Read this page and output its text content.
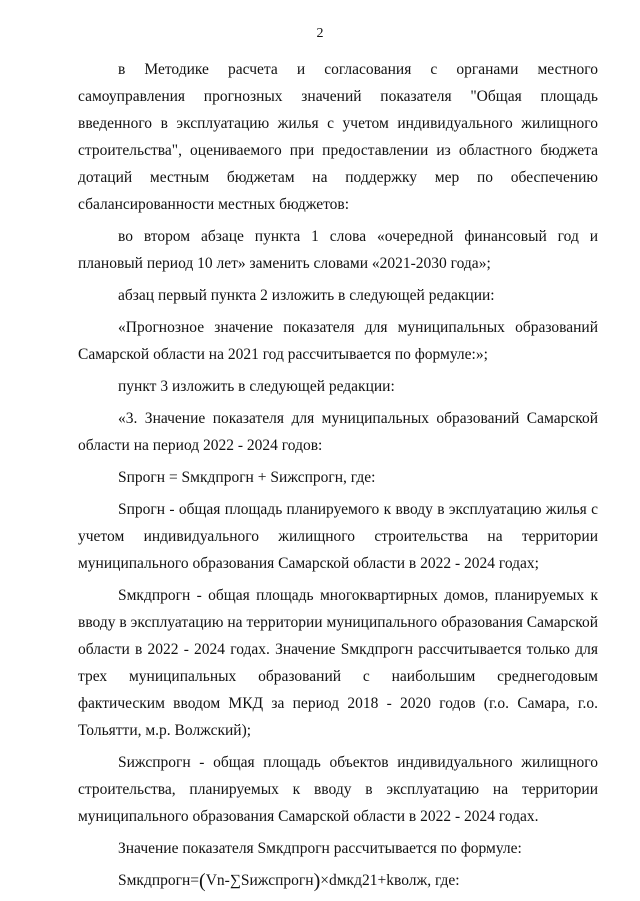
2

в Методике расчета и согласования с органами местного самоуправления прогнозных значений показателя "Общая площадь введенного в эксплуатацию жилья с учетом индивидуального жилищного строительства", оцениваемого при предоставлении из областного бюджета дотаций местным бюджетам на поддержку мер по обеспечению сбалансированности местных бюджетов:

во втором абзаце пункта 1 слова «очередной финансовый год и плановый период 10 лет» заменить словами «2021-2030 года»;

абзац первый пункта 2 изложить в следующей редакции:

«Прогнозное значение показателя для муниципальных образований Самарской области на 2021 год рассчитывается по формуле:»;

пункт 3 изложить в следующей редакции:

«3. Значение показателя для муниципальных образований Самарской области на период 2022 - 2024 годов:

Sпрогн = Sмкдпрогн + Sижспрогн, где:

Sпрогн - общая площадь планируемого к вводу в эксплуатацию жилья с учетом индивидуального жилищного строительства на территории муниципального образования Самарской области в 2022 - 2024 годах;

Sмкдпрогн - общая площадь многоквартирных домов, планируемых к вводу в эксплуатацию на территории муниципального образования Самарской области в 2022 - 2024 годах. Значение Sмкдпрогн рассчитывается только для трех муниципальных образований с наибольшим среднегодовым фактическим вводом МКД за период 2018 - 2020 годов (г.о. Самара, г.о. Тольятти, м.р. Волжский);

Sижспрогн - общая площадь объектов индивидуального жилищного строительства, планируемых к вводу в эксплуатацию на территории муниципального образования Самарской области в 2022 - 2024 годах.

Значение показателя Sмкдпрогн рассчитывается по формуле:

Sмкдпрогн=(Vn-∑Sижспрогн)×dмкд21+kволж, где:
